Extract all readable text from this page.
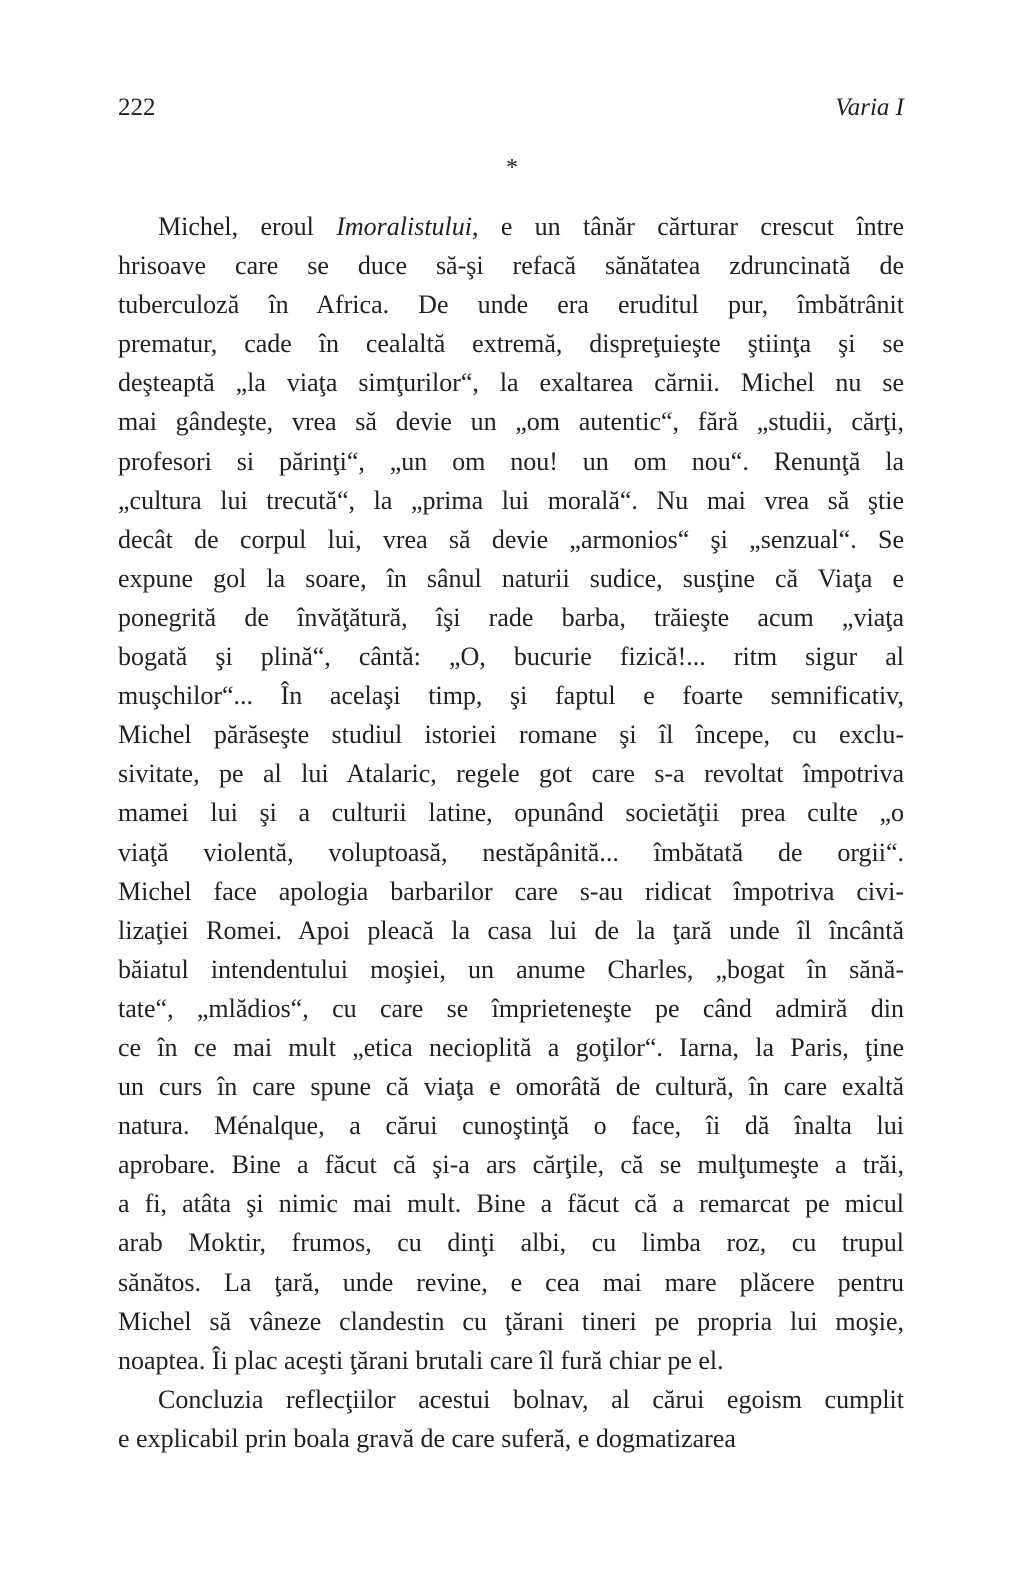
222	Varia I
*
Michel, eroul Imoralistului, e un tânăr cărturar crescut între
hrisoave care se duce să-şi refacă sănătatea zdruncinată de
tuberculoză în Africa. De unde era eruditul pur, îmbătrânit
prematur, cade în cealaltă extremă, dispreţuieşte ştiinţa şi se
deşteaptă „la viaţa simţurilor“, la exaltarea cărnii. Michel nu se
mai gândeşte, vrea să devie un „om autentic“, fără „studii, cărţi,
profesori si părinţi“, „un om nou! un om nou“. Renunţă la
„cultura lui trecută“, la „prima lui morală“. Nu mai vrea să ştie
decât de corpul lui, vrea să devie „armonios“ şi „senzual“. Se
expune gol la soare, în sânul naturii sudice, susţine că Viaţa e
ponegrită de învăţătură, îşi rade barba, trăieşte acum „viaţa
bogată şi plină“, cântă: „O, bucurie fizică!... ritm sigur al
muşchilor“... În acelaşi timp, şi faptul e foarte semnificativ,
Michel părăseşte studiul istoriei romane şi îl începe, cu exclu-
sivitate, pe al lui Atalaric, regele got care s-a revoltat împotriva
mamei lui şi a culturii latine, opunând societăţii prea culte „o
viaţă violentă, voluptoasă, nestăpânită... îmbătată de orgii“.
Michel face apologia barbarilor care s-au ridicat împotriva civi-
lizaţiei Romei. Apoi pleacă la casa lui de la ţară unde îl încântă
băiatul intendentului moşiei, un anume Charles, „bogat în sănă-
tate“, „mlădios“, cu care se împrieteneşte pe când admiră din
ce în ce mai mult „etica necioplită a goţilor“. Iarna, la Paris, ţine
un curs în care spune că viaţa e omorâtă de cultură, în care exaltă
natura. Ménalque, a cărui cunoştinţă o face, îi dă înalta lui
aprobare. Bine a făcut că şi-a ars cărţile, că se mulţumeşte a trăi,
a fi, atâta şi nimic mai mult. Bine a făcut că a remarcat pe micul
arab Moktir, frumos, cu dinţi albi, cu limba roz, cu trupul
sănătos. La ţară, unde revine, e cea mai mare plăcere pentru
Michel să vâneze clandestin cu ţărani tineri pe propria lui moşie,
noaptea. Îi plac aceşti ţărani brutali care îl fură chiar pe el.
Concluzia reflecţiilor acestui bolnav, al cărui egoism cumplit
e explicabil prin boala gravă de care suferă, e dogmatizarea
